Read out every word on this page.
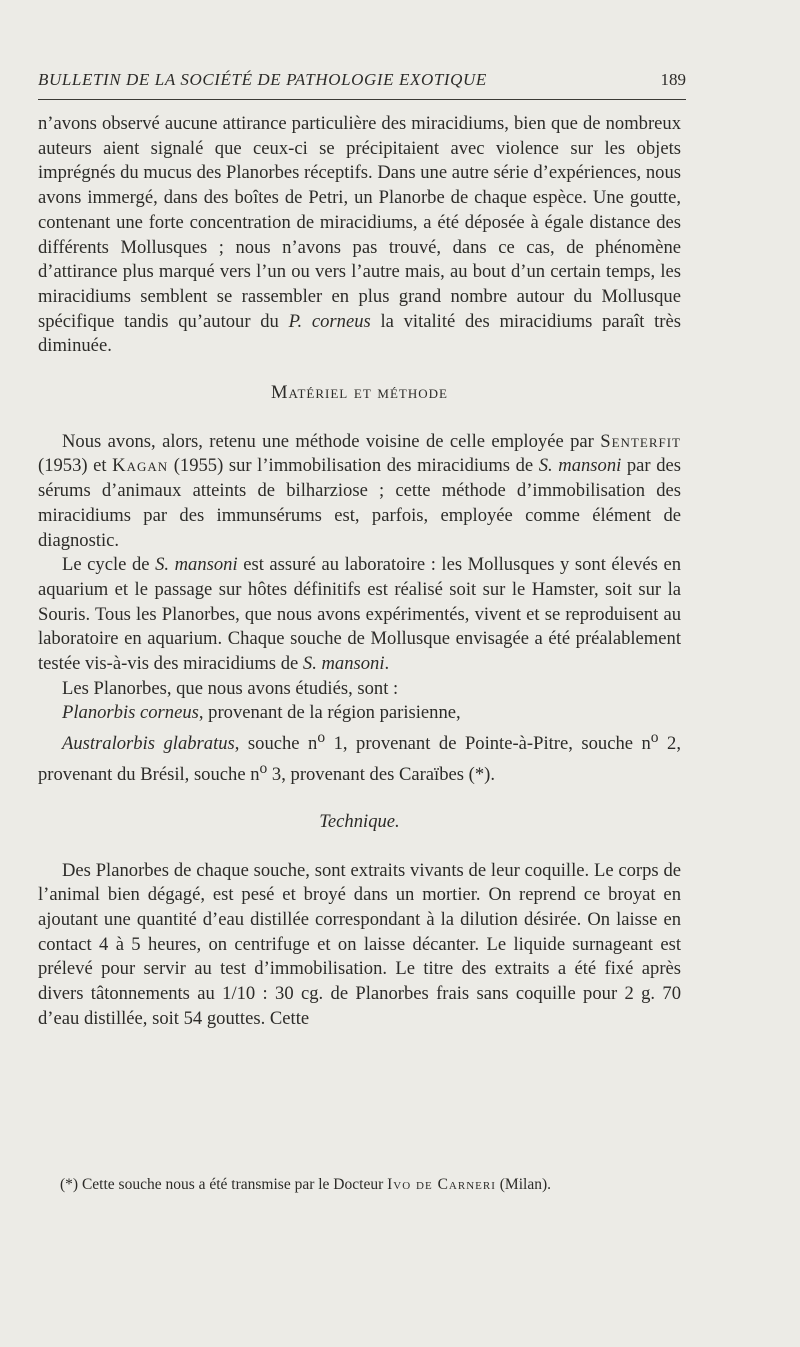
BULLETIN DE LA SOCIÉTÉ DE PATHOLOGIE EXOTIQUE	189

n’avons observé aucune attirance particulière des miracidiums, bien que de nombreux auteurs aient signalé que ceux-ci se précipitaient avec violence sur les objets imprégnés du mucus des Planorbes réceptifs. Dans une autre série d’expériences, nous avons immergé, dans des boîtes de Petri, un Planorbe de chaque espèce. Une goutte, contenant une forte concentration de miracidiums, a été déposée à égale distance des différents Mollusques ; nous n’avons pas trouvé, dans ce cas, de phénomène d’attirance plus marqué vers l’un ou vers l’autre mais, au bout d’un certain temps, les miracidiums semblent se rassembler en plus grand nombre autour du Mollusque spécifique tandis qu’autour du P. corneus la vitalité des miracidiums paraît très diminuée.

Matériel et méthode

Nous avons, alors, retenu une méthode voisine de celle employée par Senterfit (1953) et Kagan (1955) sur l’immobilisation des miracidiums de S. mansoni par des sérums d’animaux atteints de bilharziose ; cette méthode d’immobilisation des miracidiums par des immunsérums est, parfois, employée comme élément de diagnostic.

Le cycle de S. mansoni est assuré au laboratoire : les Mollusques y sont élevés en aquarium et le passage sur hôtes définitifs est réalisé soit sur le Hamster, soit sur la Souris. Tous les Planorbes, que nous avons expérimentés, vivent et se reproduisent au laboratoire en aquarium. Chaque souche de Mollusque envisagée a été préalablement testée vis-à-vis des miracidiums de S. mansoni.

Les Planorbes, que nous avons étudiés, sont :

Planorbis corneus, provenant de la région parisienne,

Australorbis glabratus, souche $n^o$ 1, provenant de Pointe-à-Pitre, souche $n^o$ 2, provenant du Brésil, souche $n^o$ 3, provenant des Caraïbes (*).

Technique.

Des Planorbes de chaque souche, sont extraits vivants de leur coquille. Le corps de l’animal bien dégagé, est pesé et broyé dans un mortier. On reprend ce broyat en ajoutant une quantité d’eau distillée correspondant à la dilution désirée. On laisse en contact 4 à 5 heures, on centrifuge et on laisse décanter. Le liquide surnageant est prélevé pour servir au test d’immobilisation. Le titre des extraits a été fixé après divers tâtonnements au 1/10 : 30 cg. de Planorbes frais sans coquille pour 2 g. 70 d’eau distillée, soit 54 gouttes. Cette

(*) Cette souche nous a été transmise par le Docteur Ivo de Carneri (Milan).
